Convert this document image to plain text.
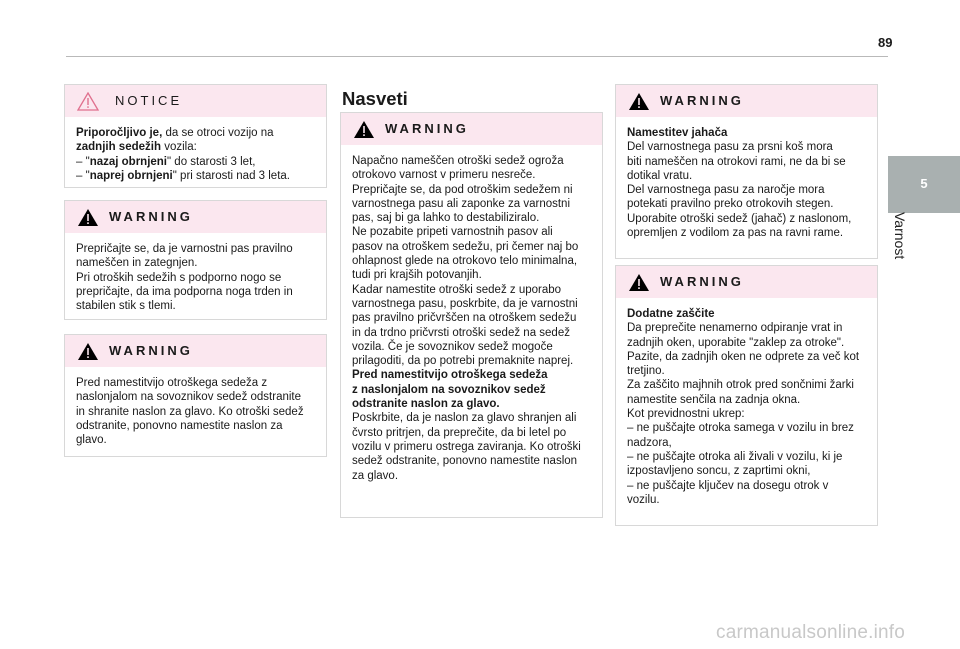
89
5
Varnost
NOTICE

Priporočljivo je, da se otroci vozijo na

zadnjih sedežih vozila:

– "nazaj obrnjeni" do starosti 3 let,

– "naprej obrnjeni" pri starosti nad 3 leta.

WARNING

Prepričajte se, da je varnostni pas pravilno

nameščen in zategnjen.

Pri otroških sedežih s podporno nogo se

prepričajte, da ima podporna noga trden in

stabilen stik s tlemi.

WARNING

Pred namestitvijo otroškega sedeža z

naslonjalom na sovoznikov sedež odstranite

in shranite naslon za glavo. Ko otroški sedež

odstranite, ponovno namestite naslon za

glavo.

Nasveti
WARNING

Napačno nameščen otroški sedež ogroža

otrokovo varnost v primeru nesreče.

Prepričajte se, da pod otroškim sedežem ni

varnostnega pasu ali zaponke za varnostni

pas, saj bi ga lahko to destabiliziralo.

Ne pozabite pripeti varnostnih pasov ali

pasov na otroškem sedežu, pri čemer naj bo

ohlapnost glede na otrokovo telo minimalna,

tudi pri krajših potovanjih.

Kadar namestite otroški sedež z uporabo

varnostnega pasu, poskrbite, da je varnostni

pas pravilno pričvrščen na otroškem sedežu

in da trdno pričvrsti otroški sedež na sedež

vozila. Če je sovoznikov sedež mogoče

prilagoditi, da po potrebi premaknite naprej.

Pred namestitvijo otroškega sedeža

z naslonjalom na sovoznikov sedež

odstranite naslon za glavo.

Poskrbite, da je naslon za glavo shranjen ali

čvrsto pritrjen, da preprečite, da bi letel po

vozilu v primeru ostrega zaviranja. Ko otroški

sedež odstranite, ponovno namestite naslon

za glavo.

WARNING

Namestitev jahača

Del varnostnega pasu za prsni koš mora

biti nameščen na otrokovi rami, ne da bi se

dotikal vratu.

Del varnostnega pasu za naročje mora

potekati pravilno preko otrokovih stegen.

Uporabite otroški sedež (jahač) z naslonom,

opremljen z vodilom za pas na ravni rame.

WARNING

Dodatne zaščite

Da preprečite nenamerno odpiranje vrat in

zadnjih oken, uporabite "zaklep za otroke".

Pazite, da zadnjih oken ne odprete za več kot

tretjino.

Za zaščito majhnih otrok pred sončnimi žarki

namestite senčila na zadnja okna.

Kot previdnostni ukrep:

– ne puščajte otroka samega v vozilu in brez

nadzora,

– ne puščajte otroka ali živali v vozilu, ki je

izpostavljeno soncu, z zaprtimi okni,

– ne puščajte ključev na dosegu otrok v

vozilu.

carmanualsonline.info
